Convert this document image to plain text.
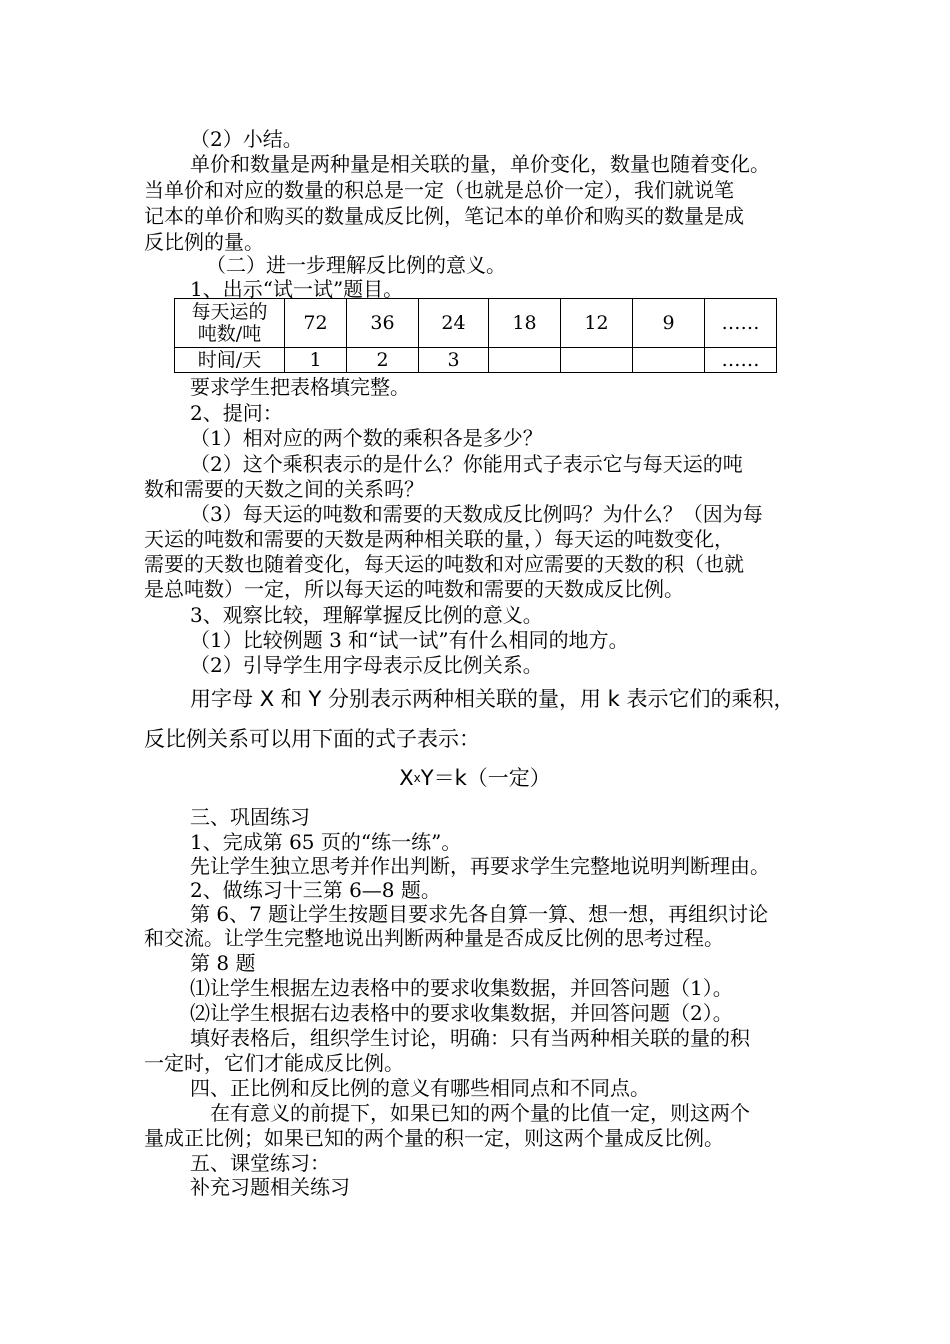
（2）小结。
单价和数量是两种量是相关联的量，单价变化，数量也随着变化。
当单价和对应的数量的积总是一定（也就是总价一定），我们就说笔
记本的单价和购买的数量成反比例，笔记本的单价和购买的数量是成
反比例的量。
（二）进一步理解反比例的意义。
1、出示“试一试”题目。
每天运的
吨数/吨	72	36	24	18	12	9	……
时间/天	1	2	3				……
要求学生把表格填完整。
2、提问：
（1）相对应的两个数的乘积各是多少？
（2）这个乘积表示的是什么？你能用式子表示它与每天运的吨
数和需要的天数之间的关系吗？
（3）每天运的吨数和需要的天数成反比例吗？为什么？（因为每
天运的吨数和需要的天数是两种相关联的量，）每天运的吨数变化，
需要的天数也随着变化，每天运的吨数和对应需要的天数的积（也就
是总吨数）一定，所以每天运的吨数和需要的天数成反比例。
3、观察比较，理解掌握反比例的意义。
（1）比较例题 3 和“试一试”有什么相同的地方。
（2）引导学生用字母表示反比例关系。
用字母 X 和 Y 分别表示两种相关联的量，用 k 表示它们的乘积，
反比例关系可以用下面的式子表示：
XxY＝k（一定）
三、巩固练习
1、完成第 65 页的“练一练”。
先让学生独立思考并作出判断，再要求学生完整地说明判断理由。
2、做练习十三第 6—8 题。
第 6、7 题让学生按题目要求先各自算一算、想一想，再组织讨论
和交流。让学生完整地说出判断两种量是否成反比例的思考过程。
第 8 题
⑴让学生根据左边表格中的要求收集数据，并回答问题（1）。
⑵让学生根据右边表格中的要求收集数据，并回答问题（2）。
填好表格后，组织学生讨论，明确：只有当两种相关联的量的积
一定时，它们才能成反比例。
四、正比例和反比例的意义有哪些相同点和不同点。
在有意义的前提下，如果已知的两个量的比值一定，则这两个
量成正比例；如果已知的两个量的积一定，则这两个量成反比例。
五、课堂练习：
补充习题相关练习
